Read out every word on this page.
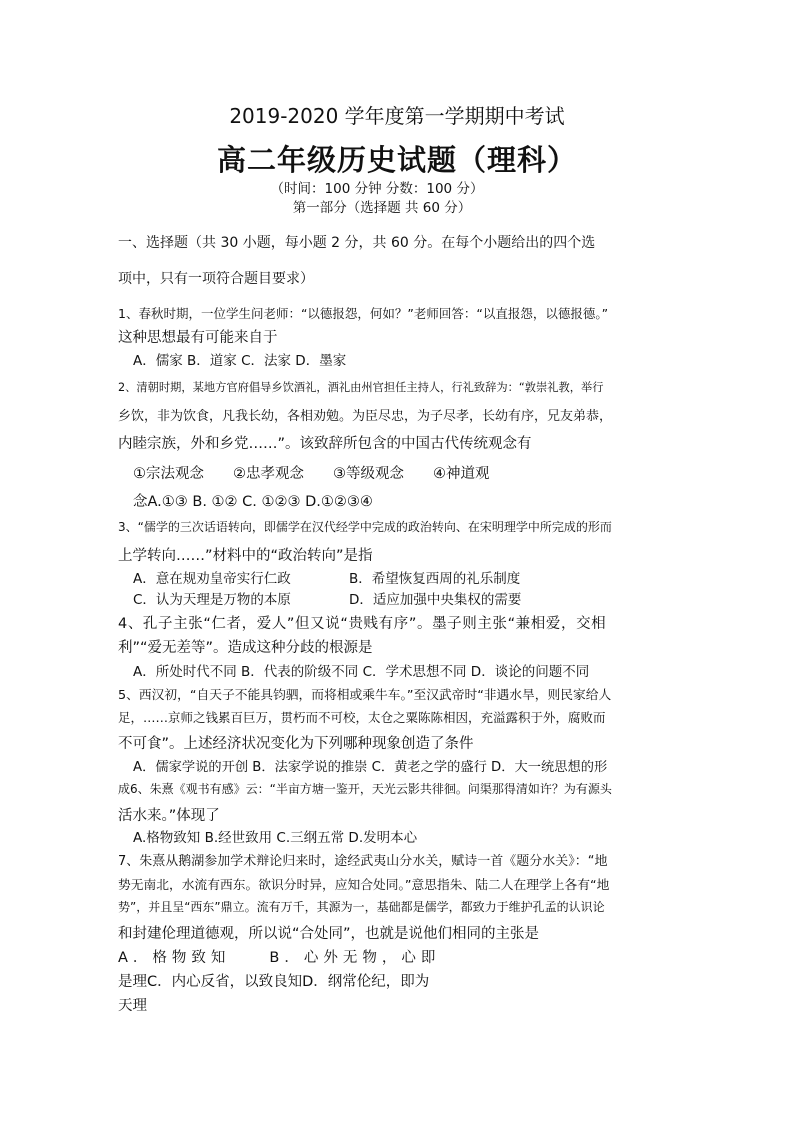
2019-2020 学年度第一学期期中考试
高二年级历史试题（理科）
（时间：100 分钟 分数：100 分）
第一部分（选择题 共 60 分）
一、选择题（共 30 小题，每小题 2 分，共 60 分。在每个小题给出的四个选
项中，只有一项符合题目要求）
1、春秋时期，一位学生问老师：“以德报怨，何如？”老师回答：“以直报怨，以德报德。”
这种思想最有可能来自于
A．儒家 B．道家 C．法家 D．墨家
2、清朝时期，某地方官府倡导乡饮酒礼，酒礼由州官担任主持人，行礼致辞为：“敦崇礼教，举行
乡饮，非为饮食，凡我长幼，各相劝勉。为臣尽忠，为子尽孝，长幼有序，兄友弟恭，
内睦宗族，外和乡党……”。该致辞所包含的中国古代传统观念有
①宗法观念　　②忠孝观念　　③等级观念　　④神道观
念A.①③ B. ①② C. ①②③ D.①②③④
3、“儒学的三次话语转向，即儒学在汉代经学中完成的政治转向、在宋明理学中所完成的形而
上学转向……”材料中的“政治转向”是指
A．意在规劝皇帝实行仁政	B．希望恢复西周的礼乐制度
C．认为天理是万物的本原	D．适应加强中央集权的需要
4、孔子主张“仁者，爱人”但又说“贵贱有序”。墨子则主张“兼相爱，交相
利”“爱无差等”。造成这种分歧的根源是
A．所处时代不同 B．代表的阶级不同 C．学术思想不同 D．谈论的问题不同
5、西汉初，“自天子不能具钧驷，而将相或乘牛车。”至汉武帝时“非遇水旱，则民家给人
足，……京师之钱累百巨万，贯朽而不可校，太仓之粟陈陈相因，充溢露积于外，腐败而
不可食”。上述经济状况变化为下列哪种现象创造了条件
A．儒家学说的开创 B．法家学说的推崇 C．黄老之学的盛行 D．大一统思想的形
成6、朱熹《观书有感》云：“半亩方塘一鉴开，天光云影共徘徊。问渠那得清如许？为有源头
活水来。”体现了
A.格物致知 B.经世致用 C.三纲五常 D.发明本心
7、朱熹从鹅湖参加学术辩论归来时，途经武夷山分水关，赋诗一首《题分水关》：“地
势无南北，水流有西东。欲识分时异，应知合处同。”意思指朱、陆二人在理学上各有“地
势”，并且呈“西东”鼎立。流有万千，其源为一，基础都是儒学，都致力于维护孔孟的认识论
和封建伦理道德观，所以说“合处同”，也就是说他们相同的主张是
A．格物致知　　B．心外无物，心即
是理C．内心反省，以致良知D．纲常伦纪，即为
天理
